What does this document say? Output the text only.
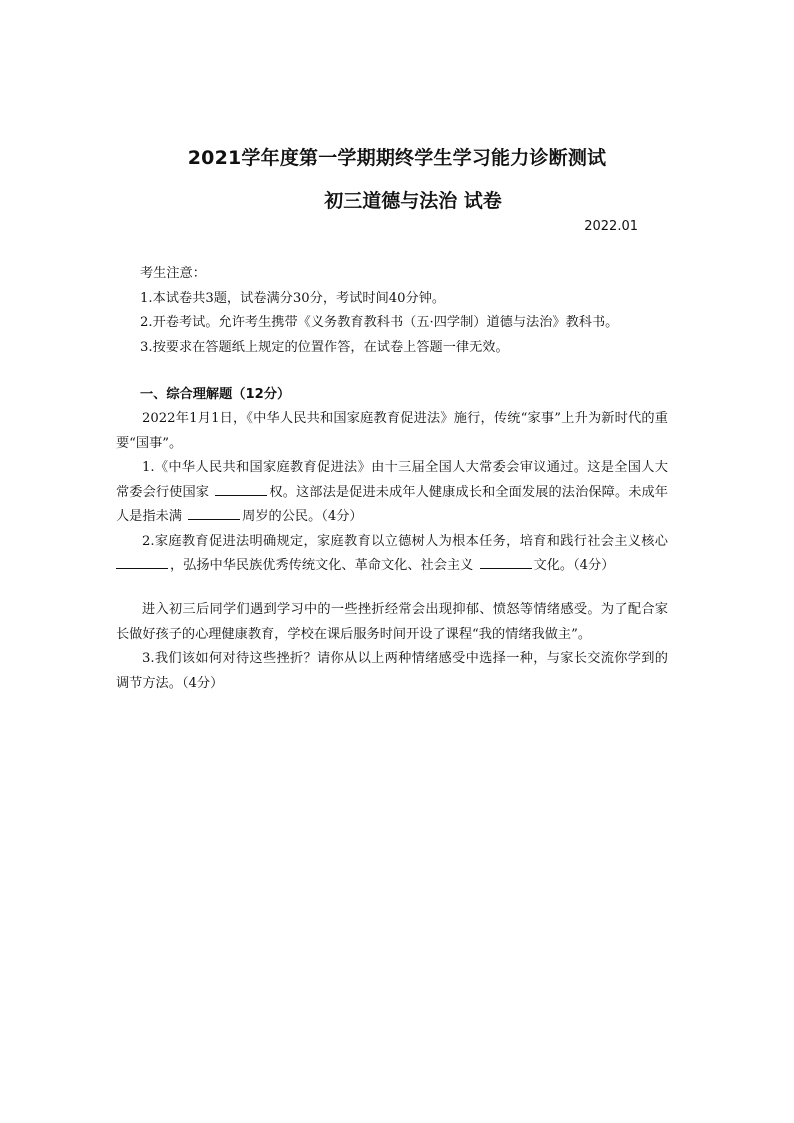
2021学年度第一学期期终学生学习能力诊断测试
初三道德与法治 试卷
2022.01

考生注意：

1.本试卷共3题，试卷满分30分，考试时间40分钟。

2.开卷考试。允许考生携带《义务教育教科书（五·四学制）道德与法治》教科书。

3.按要求在答题纸上规定的位置作答，在试卷上答题一律无效。

一、综合理解题（12分）

2022年1月1日，《中华人民共和国家庭教育促进法》施行，传统“家事”上升为新时代的重要“国事”。

1.《中华人民共和国家庭教育促进法》由十三届全国人大常委会审议通过。这是全国人大常委会行使国家	权。这部法是促进未成年人健康成长和全面发展的法治保障。未成年人是指未满	周岁的公民。（4分）

2.家庭教育促进法明确规定，家庭教育以立德树人为根本任务，培育和践行社会主义核心，弘扬中华民族优秀传统文化、革命文化、社会主义	文化。（4分）

进入初三后同学们遇到学习中的一些挫折经常会出现抑郁、愤怒等情绪感受。为了配合家长做好孩子的心理健康教育，学校在课后服务时间开设了课程“我的情绪我做主”。

3.我们该如何对待这些挫折？请你从以上两种情绪感受中选择一种，与家长交流你学到的调节方法。（4分）
